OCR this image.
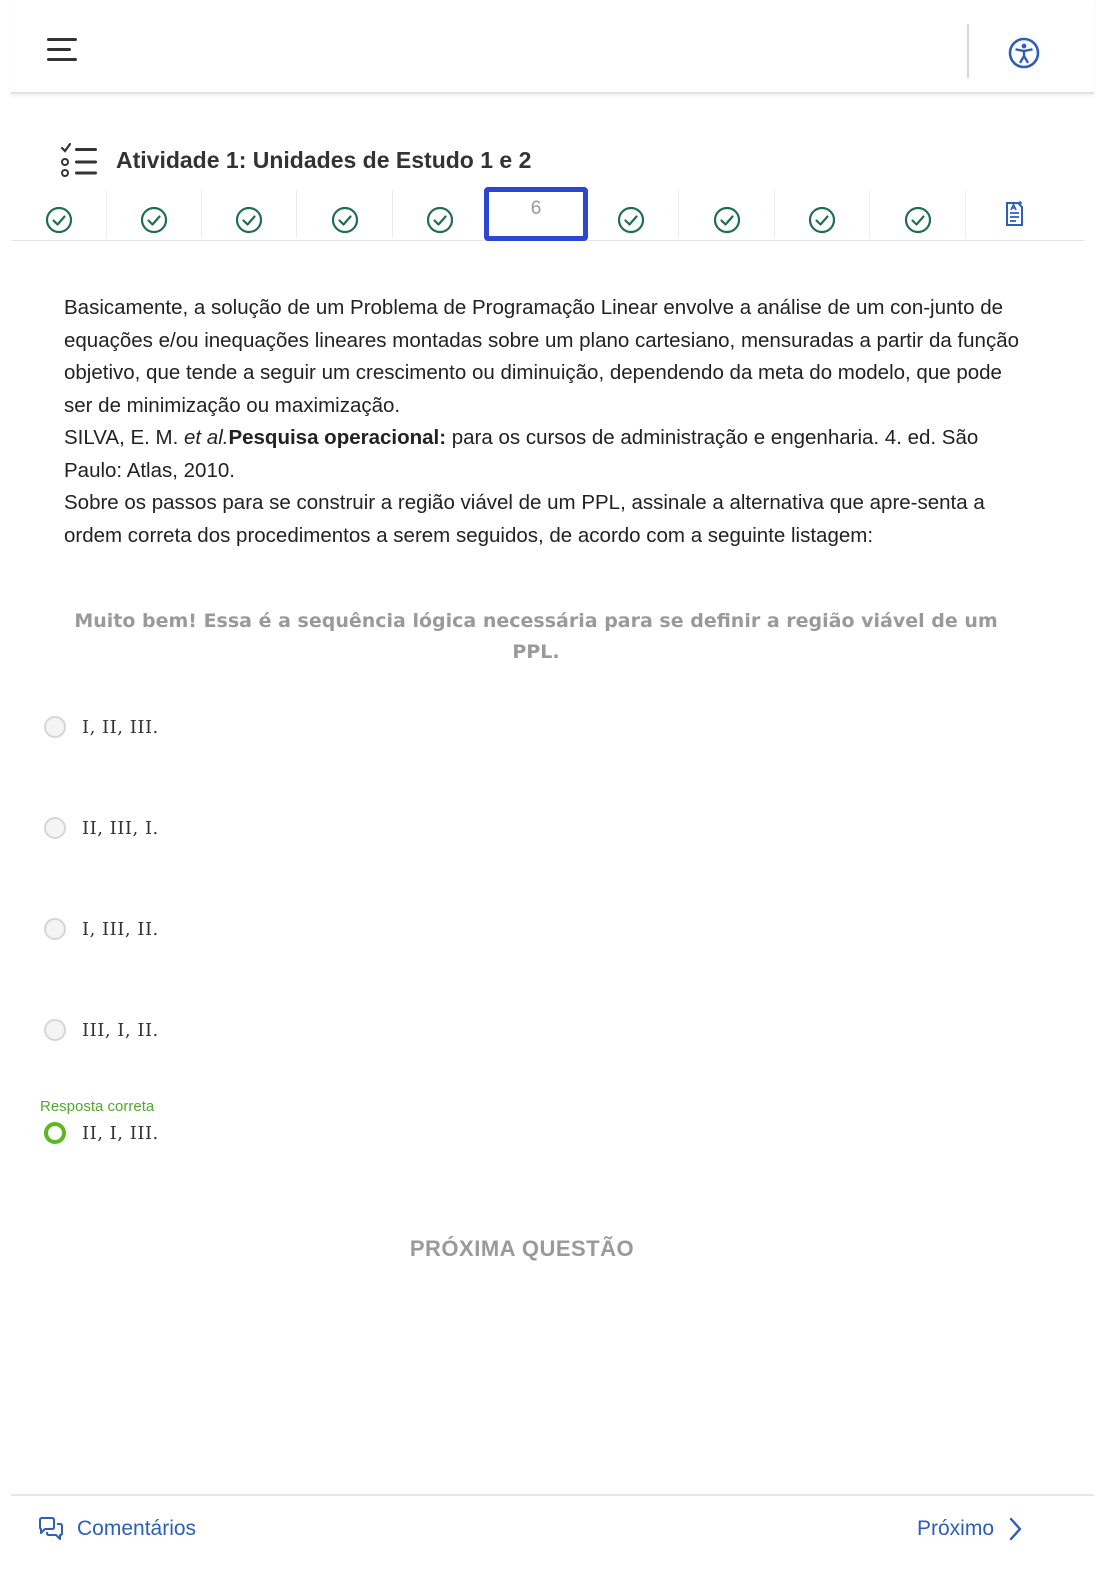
Atividade 1: Unidades de Estudo 1 e 2
6

Basicamente, a solução de um Problema de Programação Linear envolve a análise de um con-junto de equações e/ou inequações lineares montadas sobre um plano cartesiano, mensuradas a partir da função objetivo, que tende a seguir um crescimento ou diminuição, dependendo da meta do modelo, que pode ser de minimização ou maximização.

SILVA, E. M. et al.Pesquisa operacional: para os cursos de administração e engenharia. 4. ed. São Paulo: Atlas, 2010.

Sobre os passos para se construir a região viável de um PPL, assinale a alternativa que apre-senta a ordem correta dos procedimentos a serem seguidos, de acordo com a seguinte listagem:

Muito bem! Essa é a sequência lógica necessária para se definir a região viável de um PPL.
I, II, III.
II, III, I.
I, III, II.
III, I, II.
Resposta correta
II, I, III.
PRÓXIMA QUESTÃO
Comentários	Próximo
